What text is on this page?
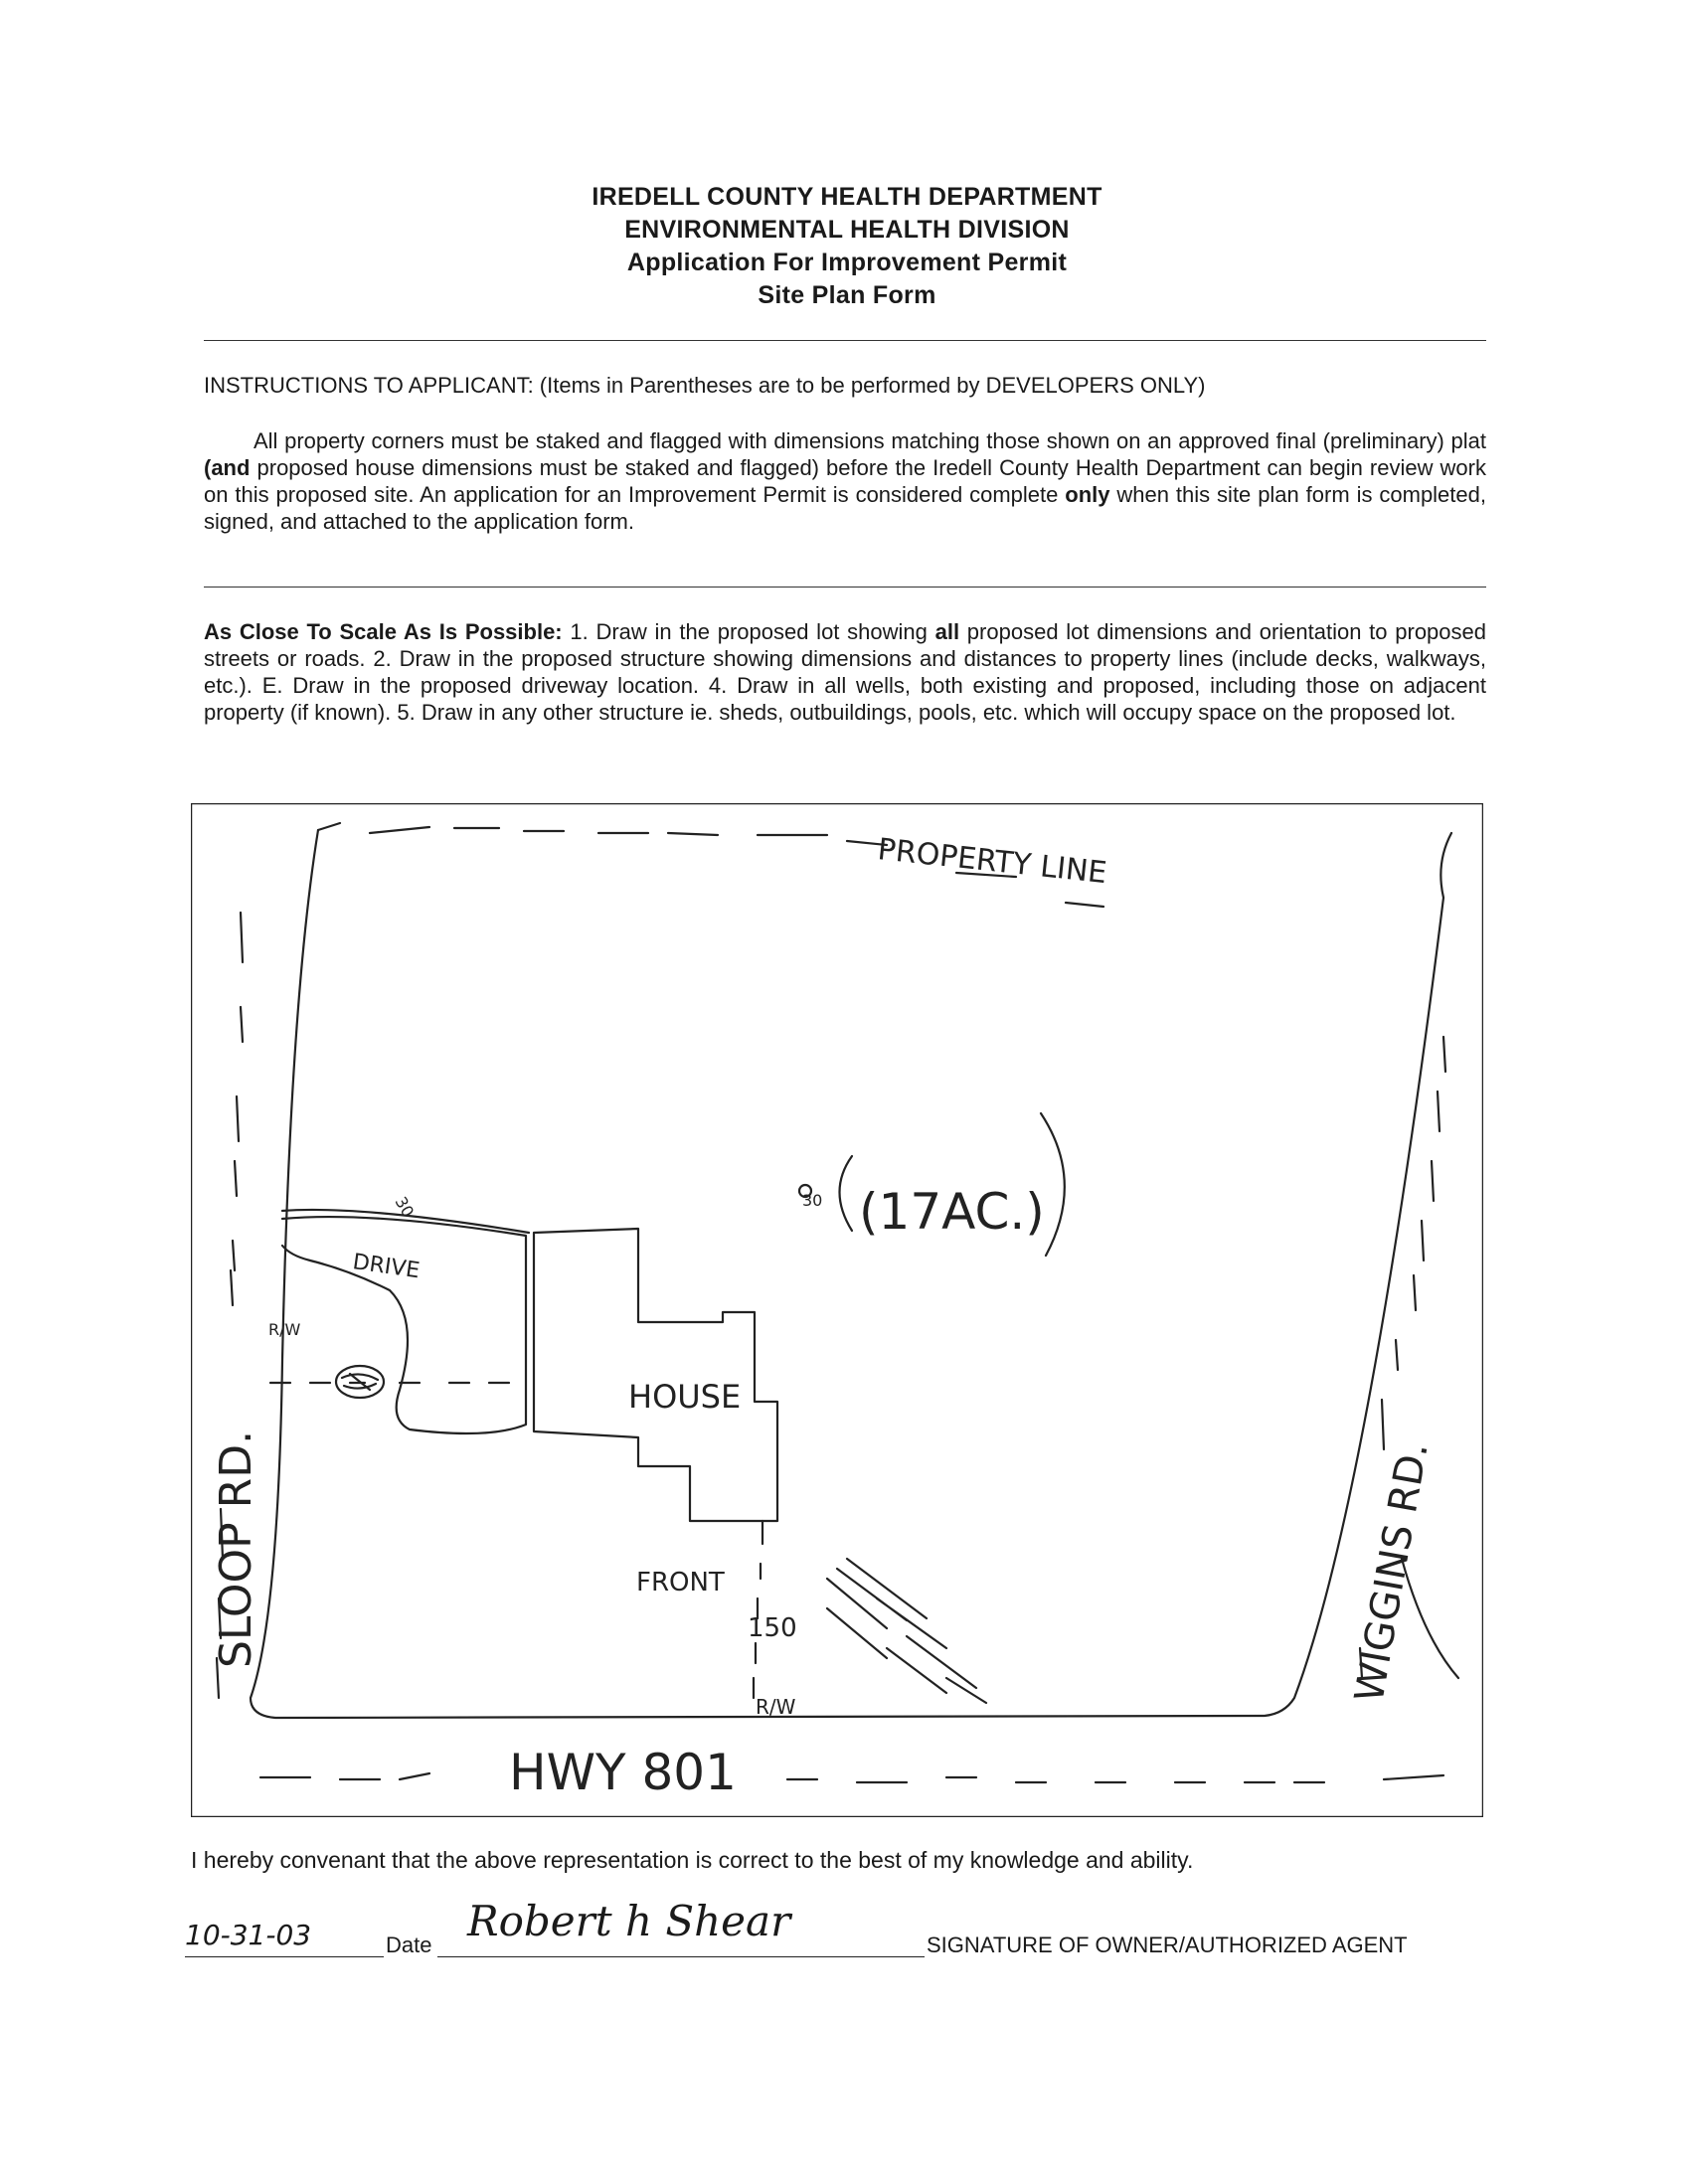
IREDELL COUNTY HEALTH DEPARTMENT
ENVIRONMENTAL HEALTH DIVISION
Application For Improvement Permit
Site Plan Form
INSTRUCTIONS TO APPLICANT: (Items in Parentheses are to be performed by DEVELOPERS ONLY)
All property corners must be staked and flagged with dimensions matching those shown on an approved final (preliminary) plat (and proposed house dimensions must be staked and flagged) before the Iredell County Health Department can begin review work on this proposed site. An application for an Improvement Permit is considered complete only when this site plan form is completed, signed, and attached to the application form.
As Close To Scale As Is Possible: 1. Draw in the proposed lot showing all proposed lot dimensions and orientation to proposed streets or roads. 2. Draw in the proposed structure showing dimensions and distances to property lines (include decks, walkways, etc.). E. Draw in the proposed driveway location. 4. Draw in all wells, both existing and proposed, including those on adjacent property (if known). 5. Draw in any other structure ie. sheds, outbuildings, pools, etc. which will occupy space on the proposed lot.
PROPERTY LINE
(17AC.)
30
DRIVE
HOUSE
FRONT
150
R/W
R/W
SLOOP RD.	WIGGINS RD.
HWY 801
30
I hereby convenant that the above representation is correct to the best of my knowledge and ability.
10-31-03	Date Robert h Shear	SIGNATURE OF OWNER/AUTHORIZED AGENT
